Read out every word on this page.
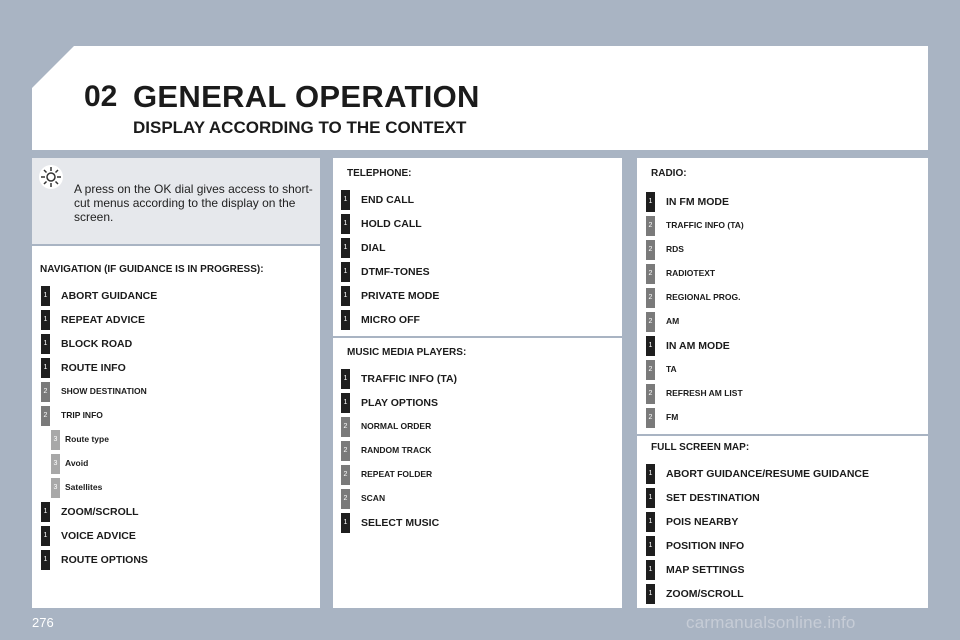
02 GENERAL OPERATION
DISPLAY ACCORDING TO THE CONTEXT
A press on the OK dial gives access to short-cut menus according to the display on the screen.
NAVIGATION (IF GUIDANCE IS IN PROGRESS):
TELEPHONE:
MUSIC MEDIA PLAYERS:
RADIO:
FULL SCREEN MAP:
276	carmanualsonline.info
1 ABORT GUIDANCE
1 REPEAT ADVICE
1 BLOCK ROAD
1 ROUTE INFO
2 SHOW DESTINATION
2 TRIP INFO
3 Route type
3 Avoid
3 Satellites
1 ZOOM/SCROLL
1 VOICE ADVICE
1 ROUTE OPTIONS
1 END CALL
1 HOLD CALL
1 DIAL
1 DTMF-TONES
1 PRIVATE MODE
1 MICRO OFF
1 TRAFFIC INFO (TA)
1 PLAY OPTIONS
2 NORMAL ORDER
2 RANDOM TRACK
2 REPEAT FOLDER
2 SCAN
1 SELECT MUSIC
1 IN FM MODE
2 TRAFFIC INFO (TA)
2 RDS
2 RADIOTEXT
2 REGIONAL PROG.
2 AM
1 IN AM MODE
2 TA
2 REFRESH AM LIST
2 FM
1 ABORT GUIDANCE/RESUME GUIDANCE
1 SET DESTINATION
1 POIS NEARBY
1 POSITION INFO
1 MAP SETTINGS
1 ZOOM/SCROLL
